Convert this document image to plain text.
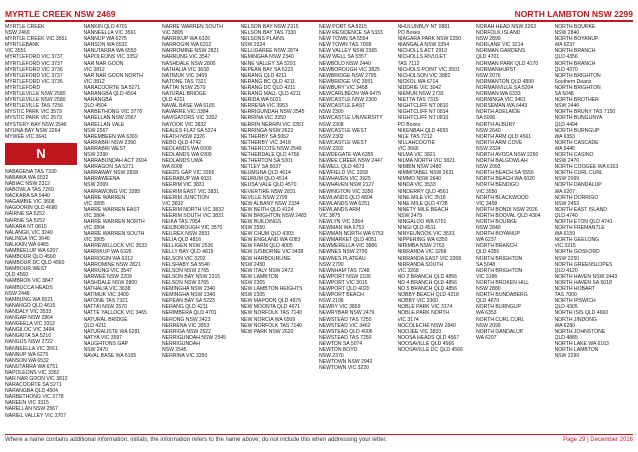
MYRTLE CREEK NSW 2469	NORTH LAMBTON NSW 2299
MYRTLE CREEK
NSW 2469
MYRTLE CREEK VIC 3551
MYRTLEBANK
VIC 3551
MYRTLEFORD VIC 3737
MYRTLEFORD VIC 3737
MYRTLEFORD VIC 3736
MYRTLEFORD VIC 3737
MYRTLEFORD VIC 3736
MYRTLEFORD
MYRTLEVILLE NSW 2580
MYRTLEVILLE NSW 2580
MYRTLEVILLE TAS 7256
MYSTIC PARK VIC 3579
MYSTIC PARK VIC 3579
MYSTERY BAY NSW 2546
MYUNA BAY NSW 2264
MYWEE VIC 3641
N
NABAGENA TAS 7330
NABAWA WA 6532
NABIAC NSW 2312
NABOWLA TAS 7260
NACKARA SA 5440
NAGAMBIE VIC 3608
NAGOORIN QLD 4680
NAIRNE SA 5252
NAIRNE SA 5252
NAKARA NT 0810
NALANGIL VIC 3249
NALINGA VIC 3646
NALKAIN WA 6485
NAMBEELUP WA 6207
NAMBOUR QLD 4560
NAMBOUR DC QLD 4560
NAMBOUR WEST
QLD 4560
NAMBROK VIC 3847
NAMBUCCA HEADS
NSW 2448
NAMBUNG WA 6521
NANANGO QLD 4615
NANDALY VIC 3533
NANGAR NSW 2864
NANGEELA VIC 3312
NANGILOC VIC 3494
NANGKITA SA 5210
NANGUS NSW 2722
NANNEELLA VIC 3561
NANNUP WA 6275
NANSON WA 6532
NANUTARRA WA 6751
NAPOLEONS VIC 3352
NAR NAR GOON VIC 3812
NARACOORTE SA 5271
NARANGBA QLD 4504
NARBETHONG VIC 3778
NAREEN VIC 3315
NARELLAN NSW 2567
NARIEL VALLEY VIC 3707
NANKIN QLD 4701
NANNEELLA VIC 3561
NANNUP WA 6275
NANSON WA 6532
NANUTARRA WA 6550
NAPOLEONS VIC 3352
NAR NAR GOON
VIC 3812
NAR NAR GOON NORTH
VIC 3812
NARACOORTE SA 5271
NARANGBA QLD 4504
NARANGBA
QLD 4504
NARBETHONG VIC 3778
NARELLAN NSW 2567
NARELLAN VALE
NSW 2567
NAREMBEEN WA 6369
NARRABRI NSW 2390
NARRABRI WEST
NSW 2390
NARRABUNDAH ACT 2604
NARRAGON SA 5271
NARRAWAY NSW 2828
NARRAWEENA
NSW 2099
NARRAWONG VIC 3285
NARRE WARREN
VIC 3805
NARRE WARREN EAST
VIC 3804
NARRE WARREN NORTH
VIC 3804
NARRE WARREN SOUTH
VIC 3805
NARREWILLOCK VIC 3533
NARRIKUP WA 6326
NARROGIN WA 6312
NARROMINE NSW 2821
NARRUNG VIC 3547
NARWEE NSW 2209
NASHDALE NSW 2800
NATHALIA VIC 3638
NATIMUK VIC 3409
NATONE TAS 7321
NATTAI NSW 2570
NATTE YALLOCK VIC 3465
NATURAL BRIDGE
QLD 4211
NATURALISTE WA 6281
NATYA VIC 3597
NAUGHTONS GAP
NSW 2470
NAVAL BASE WA 6165
NARRE WARREN SOUTH
VIC 3805
NARRIKUP WA 6326
NARROGIN WA 6312
NARROMINE NSW 2821
NARRUNG VIC 3547
NASHDALE NSW 2800
NATHALIA VIC 3638
NATIMUK VIC 3409
NATONE TAS 7321
NATTAI NSW 2570
NATURAL BRIDGE
QLD 4211
NAVAL BASE WA 6165
NAVARRE VIC 3384
NAVIGATORS VIC 3352
NAYOOK VIC 3832
NEALES FLAT SA 5374
NEATH NSW 2326
NEBO QLD 4742
NEDLANDS WA 6009
NEDLANDS WA 6909
NEDLANDS UWA
WA 6009
NEEDS GAP VIC 3356
NEERABUP WA 6031
NEERIM VIC 3831
NEERIM EAST VIC 3831
NEERIM JUNCTION
VIC 3832
NEERIM NORTH VIC 3832
NEERIM SOUTH VIC 3831
NEIKA TAS 7054
NEILBOROUGH VIC 3570
NEILREX NSW 2831
NELIA QLD 4816
NELLIGEN NSW 2536
NELLY BAY QLD 4819
NELSON VIC 3292
NELSHABY SA 5540
NELSON NSW 2765
NELSON BAY NSW 2315
NELSON NSW 2765
NEMINGHA NSW 2340
NEMINGHA NSW 2340
NEPEAN BAY SA 5223
NERANG QLD 4211
NERIMBERA QLD 4701
NERONG NSW 2423
NERRENA VIC 3953
NERRIGA NSW 2622
NERRIGUNDAH NSW 2545
NERRIGUNDAH
NSW 2545
NERRINA VIC 3350
NELSON BAY NSW 2315
NELSON BAY TAS 7330
NELSONS PLAINS
NSW 2324
NELLIGAREE NSW 2874
NEMINGHA NSW 2340
NENE VALLEY SA 5291
NEPEAN BAY SA 5223
NERANG QLD 4211
NERANG BC QLD 4211
NERANG DC QLD 4211
NERANG MALL QLD 4211
NERIDA WA 6021
NERRENA VIC 3953
NERRIGUNDAH NSW 2545
NERRINA VIC 3350
NERRIN NERRIN VIC 3351
NERRINGA NSW 2622
NETHERBY SA 5062
NETHERBY VIC 3418
NETHERCOTE NSW 2549
NETHERDALE QLD 4756
NETHERTON SA 5301
NETLEY SA 5037
NEUMGNA QLD 4614
NEURUM QLD 4514
NEUSA VALE QLD 4570
NEVERTIRE NSW 2831
NEVILLE NSW 2799
NEW ALBANY NSW 2334
NEW BEITH QLD 4124
NEW BRIGHTON NSW 2483
NEW BUILDINGS
NSW 2550
NEW CHUM QLD 4303
NEW ENGLAND WA 6083
NEW FARM QLD 4005
NEW GISBORNE VIC 3438
NEW HARBOURLINE
NSW 2450
NEW ITALY NSW 2472
NEW LAMBTON
NSW 2305
NEW LAMBTON HEIGHTS
NSW 2305
NEW MAPOON QLD 4876
NEW MOONTA QLD 4671
NEW NORFOLK TAS 7140
NEW NORCIA WA 6509
NEW NORFOLK TAS 7140
NEW PARK NSW 2620
NEW PORT SA 5015
NEW RESIDENCE SA 5333
NEW TOWN SA 5554
NEW TOWN TAS 7008
NEW VALLEY NSW 2365
NEW WELL SA 5357
NEWBOLD NSW 2440
NEWBOROUGH VIC 3825
NEWBRIDGE NSW 2795
NEWBRIDGE VIC 3551
NEWBURY VIC 3458
NEWCARLBEON WA 6475
NEWCASTLE NSW 2300
NEWCASTLE EAST
NSW 2300
NEWCASTLE UNIVERSITY
NSW 2308
NEWCASTLE WEST
NSW 2302
NEWCASTLE WEST
NSW 2302
NEWDEGATE WA 6355
NEWEE CREEK NSW 2447
NEWELL QLD 4873
NEWFIELD VIC 3268
NEWHAVEN VIC 3925
NEWHAVEN NSW 2127
NEWINGTON VIC 3350
NEWLANDS QLD 4804
NEWLANDS WA 6251
NEWLANDS ARM
VIC 3875
NEWLYN VIC 3364
NEWMAN WA 6753
NEWMAN NORTH WA 6753
NEWMARKET QLD 4051
NEWMERELLA VIC 3886
NEWNES NSW 2790
NEWNES PLATEAU
NSW 2790
NEWNHAM TAS 7248
NEWPORT NSW 2106
NEWPORT VIC 3015
NEWPORT QLD 4020
NEWPORT BEACH
NSW 2106
NEWRY VIC 3859
NEWRYBAR NSW 2479
NEWSTEAD TAS 7250
NEWSTEAD VIC 3462
NEWSTEAD QLD 4006
NEWSTEAD TAS 7250
NEWTON SA 5074
NEWTON BOYD
NSW 2370
NEWTOWN NSW 2042
NEWTOWN VIC 3220
NHULUNBUY NT 0881
PO Boxes
NIAGARA PARK NSW 2250
NIANGALA NSW 2354
NICHOLLS ACT 2913
NICHOLLS RIVULET
TAS 7112
NICHOLS POINT VIC 3501
NICHOLSON VIC 3882
NICKOL WA 6714
NIDDRIE VIC 3042
NIEMUR NSW 2733
NIETTA TAS 7315
NIGHTCLIFF NT 0810
NIGHTCLIFF NT 0814
NIGHTCLIFF NT 0810
PO Boxes
NIKENBAH QLD 4655
NILE TAS 7212
NILLAHCOOTIE
VIC 3666
NILMA VIC 3821
NILMA NORTH VIC 3821
NIMBIN NSW 2480
NIMMITABEL NSW 2631
NIMMO NSW 2640
NINDA VIC 3533
NINDERRY QLD 4561
NINE MILE VIC 3518
NINE MILE QLD 4728
NINETY MILE BEACH
NSW 2479
NINGALOO WA 6701
NINGI QLD 4511
NINYEUNOOK VIC 3533
NIPPERING WA 6350
NIRIMBA NSW 2763
NIRRANDA VIC 3268
NIRRANDA EAST VIC 3268
NIRRANDA SOUTH
VIC 3268
NO 2 BRANCH QLD 4856
NO 4 BRANCH QLD 4856
NO 5 BRANCH QLD 4856
NOBBY BEACH QLD 4218
NOBBY VIC 3360
NOBLE PARK VIC 3174
NOBLE PARK NORTH
VIC 3174
NOCOLECHE NSW 2840
NOOJEE VIC 3833
NOOSA HEADS QLD 4567
NOOSAVILLE QLD 4566
NOOSAVILLE DC QLD 4566
NORAH HEAD NSW 2263
NORFOLK ISLAND
NSW 2899
NORLANE VIC 3214
NORMAN GARDENS
QLD 4701
NORMAN PARK QLD 4170
NORMANHURST
NSW 2076
NORMANTON QLD 4890
NORMANVILLE SA 5204
NORMAN WA 6333
NORNINGA VIC 3461
NORSEMAN WA 6443
NORTH ADELAIDE
SA 5006
NORTH ALBURY
NSW 2640
NORTH ARM QLD 4561
NORTH ARM COVE
NSW 2324
NORTH AVOCA NSW 2260
NORTH BALGOWLAH
NSW 2093
NORTH BEACH SA 5556
NORTH BEACH WA 6020
NORTH BENDIGO
VIC 3550
NORTH BLACKWOOD
VIC 3458
NORTH BONDI NSW 2026
NORTH BOOVAL QLD 4304
NORTH BOURKE
NSW 2840
NORTH BOYANUP
WA 6237
NORTH BRANCH
QLD 4356
NORTH BRIGHTON
SA 5048
NORTH BRIGHTON
VIC 3186
NORTH BROKEN HILL
NSW 2880
NORTH BUNDABERG
QLD 4670
NORTH BURNGUP
WA 6353
NORTH CURL CURL
NSW 2099
NORTH DANDALUP
WA 6207
NORTH BOURKE
NSW 2840
NORTH BOYANUP
WA 6237
NORTH BRANCH
QLD 4356
NORTH BRANCH
QLD 4370
NORTH BRIGHTON
Southern Deans
NORTH BRIGHTON
SA 5048
NORTH BROTHER
NSW 2446
NORTH BRUNY TAS 7150
NORTH BUNGUNYA
QLD 4494
NORTH BURNGUP
WA 6353
NORTH CASCADE
WA 6445
NORTH CASINO
NSW 2470
NORTH COOGEE WA 6163
NORTH CURL CURL
NSW 2099
NORTH DANDALUP
WA 6207
NORTH DORRIGO
NSW 2453
NORTH EAST ISLAND
QLD 4740
NORTH ETON QLD 4741
NORTH FREMANTLE
WA 6159
NORTH GEELONG
VIC 3215
NORTH GOSFORD
NSW 2250
NORTH GREENSLOPES
QLD 4120
NORTH HAVEN NSW 2443
NORTH HAVEN SA 5018
NORTH HOBART
TAS 7000
NORTH IPSWICH
QLD 4305
NORTH ISIS QLD 4660
NORTH JINDONG
WA 6280
NORTH JOHNSTONE
QLD 4885
NORTH LAKE WA 6163
NORTH LAMBTON
NSW 2299
Where a name contains additional information, initials, the information refers to the name above; do not include this when addressing your letter.	Page 29 | December 2016
